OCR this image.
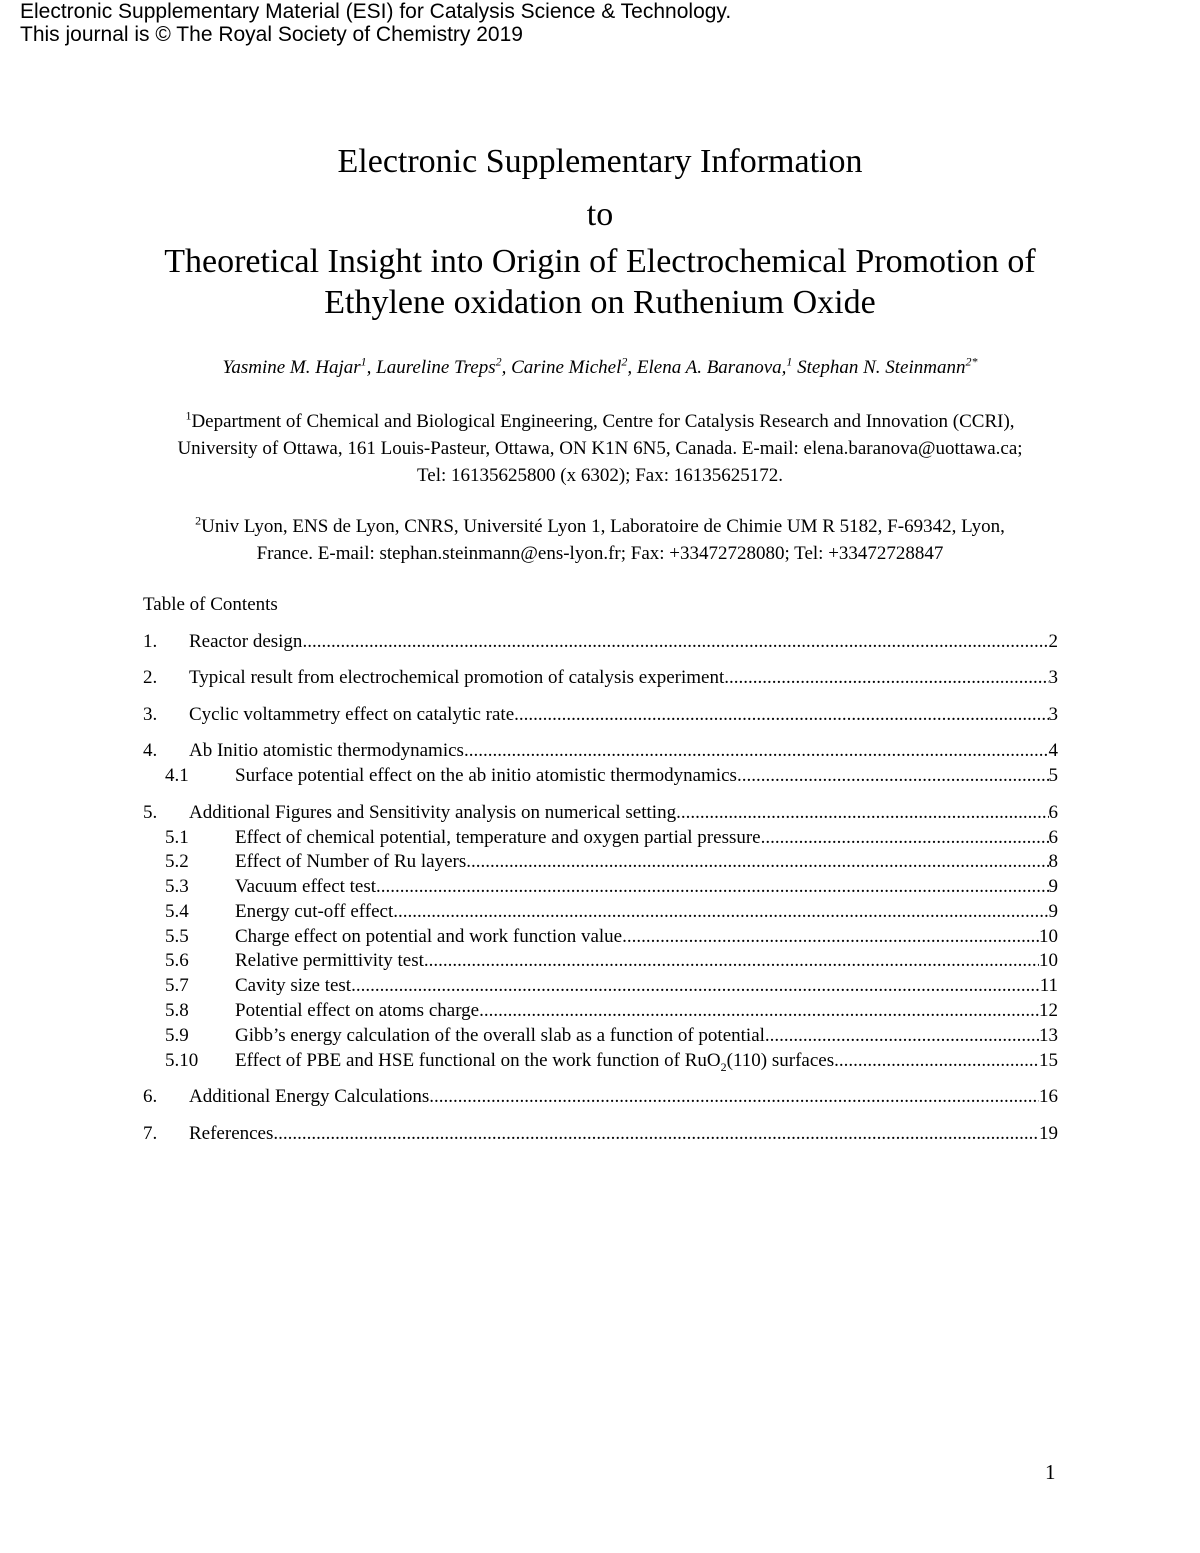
Electronic Supplementary Material (ESI) for Catalysis Science & Technology.
This journal is © The Royal Society of Chemistry 2019
Electronic Supplementary Information
to
Theoretical Insight into Origin of Electrochemical Promotion of
Ethylene oxidation on Ruthenium Oxide
Yasmine M. Hajar$^1$, Laureline Treps$^2$, Carine Michel$^2$, Elena A. Baranova,$^1$ Stephan N. Steinmann$^{2*}$
$^1$Department of Chemical and Biological Engineering, Centre for Catalysis Research and Innovation (CCRI),
University of Ottawa, 161 Louis-Pasteur, Ottawa, ON K1N 6N5, Canada. E-mail: elena.baranova@uottawa.ca;
Tel: 16135625800 (x 6302); Fax: 16135625172.
$^2$Univ Lyon, ENS de Lyon, CNRS, Université Lyon 1, Laboratoire de Chimie UM R 5182, F-69342, Lyon,
France. E-mail: stephan.steinmann@ens-lyon.fr; Fax: +33472728080; Tel: +33472728847
Table of Contents
1.	Reactor design .....	2
2.	Typical result from electrochemical promotion of catalysis experiment .....	3
3.	Cyclic voltammetry effect on catalytic rate .....	3
4.	Ab Initio atomistic thermodynamics .....	4
4.1	Surface potential effect on the ab initio atomistic thermodynamics .....	5
5.	Additional Figures and Sensitivity analysis on numerical setting .....	6
5.1	Effect of chemical potential, temperature and oxygen partial pressure .....	6
5.2	Effect of Number of Ru layers .....	8
5.3	Vacuum effect test .....	9
5.4	Energy cut-off effect .....	9
5.5	Charge effect on potential and work function value .....	10
5.6	Relative permittivity test .....	10
5.7	Cavity size test .....	11
5.8	Potential effect on atoms charge .....	12
5.9	Gibb’s energy calculation of the overall slab as a function of potential .....	13
5.10	Effect of PBE and HSE functional on the work function of RuO$_2$(110) surfaces .....	15
6.	Additional Energy Calculations .....	16
7.	References .....	19
1
